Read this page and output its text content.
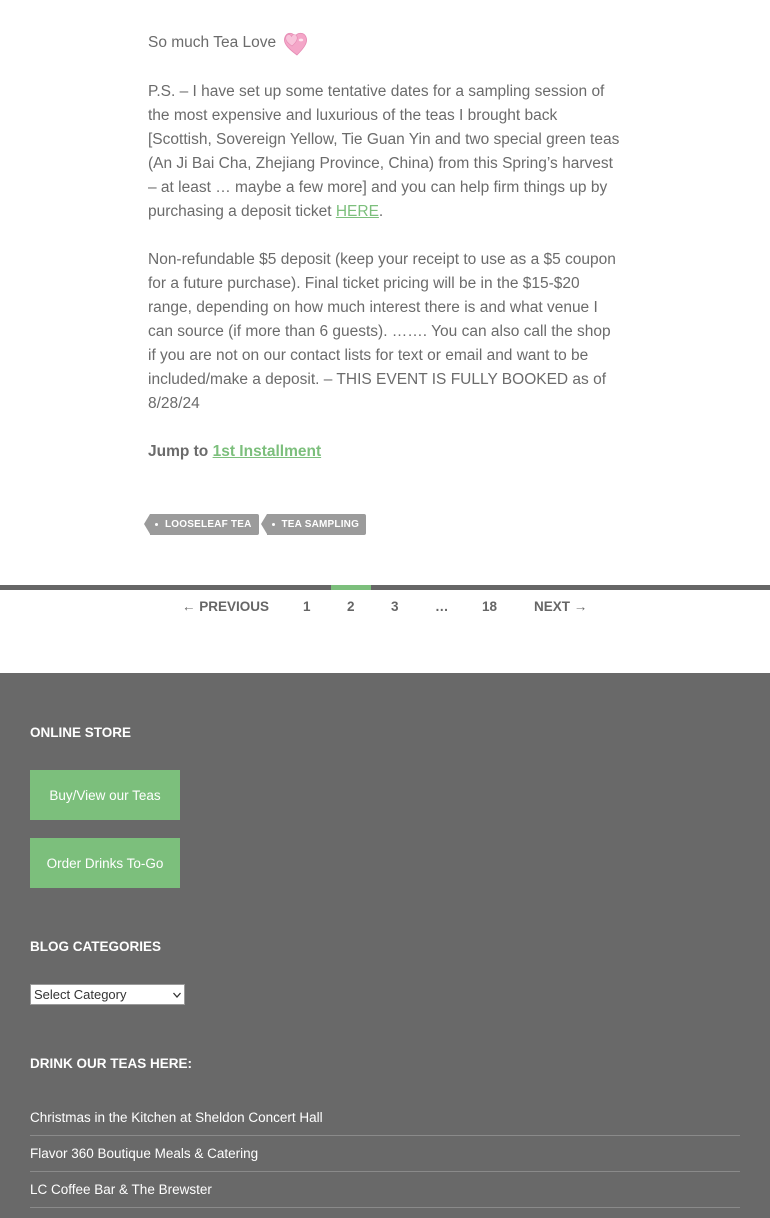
So much Tea Love

P.S. – I have set up some tentative dates for a sampling session of the most expensive and luxurious of the teas I brought back [Scottish, Sovereign Yellow, Tie Guan Yin and two special green teas (An Ji Bai Cha, Zhejiang Province, China) from this Spring’s harvest – at least … maybe a few more] and you can help firm things up by purchasing a deposit ticket HERE.

Non-refundable $5 deposit (keep your receipt to use as a $5 coupon for a future purchase). Final ticket pricing will be in the $15-$20 range, depending on how much interest there is and what venue I can source (if more than 6 guests). ……. You can also call the shop if you are not on our contact lists for text or email and want to be included/make a deposit. – THIS EVENT IS FULLY BOOKED as of 8/28/24

Jump to 1st Installment

LOOSELEAF TEA	TEA SAMPLING
← PREVIOUS	1	2	3	… 18	NEXT →
ONLINE STORE
Buy/View our Teas
Order Drinks To-Go
BLOG CATEGORIES
Select Category
DRINK OUR TEAS HERE:
Christmas in the Kitchen at Sheldon Concert Hall
Flavor 360 Boutique Meals & Catering
LC Coffee Bar & The Brewster
